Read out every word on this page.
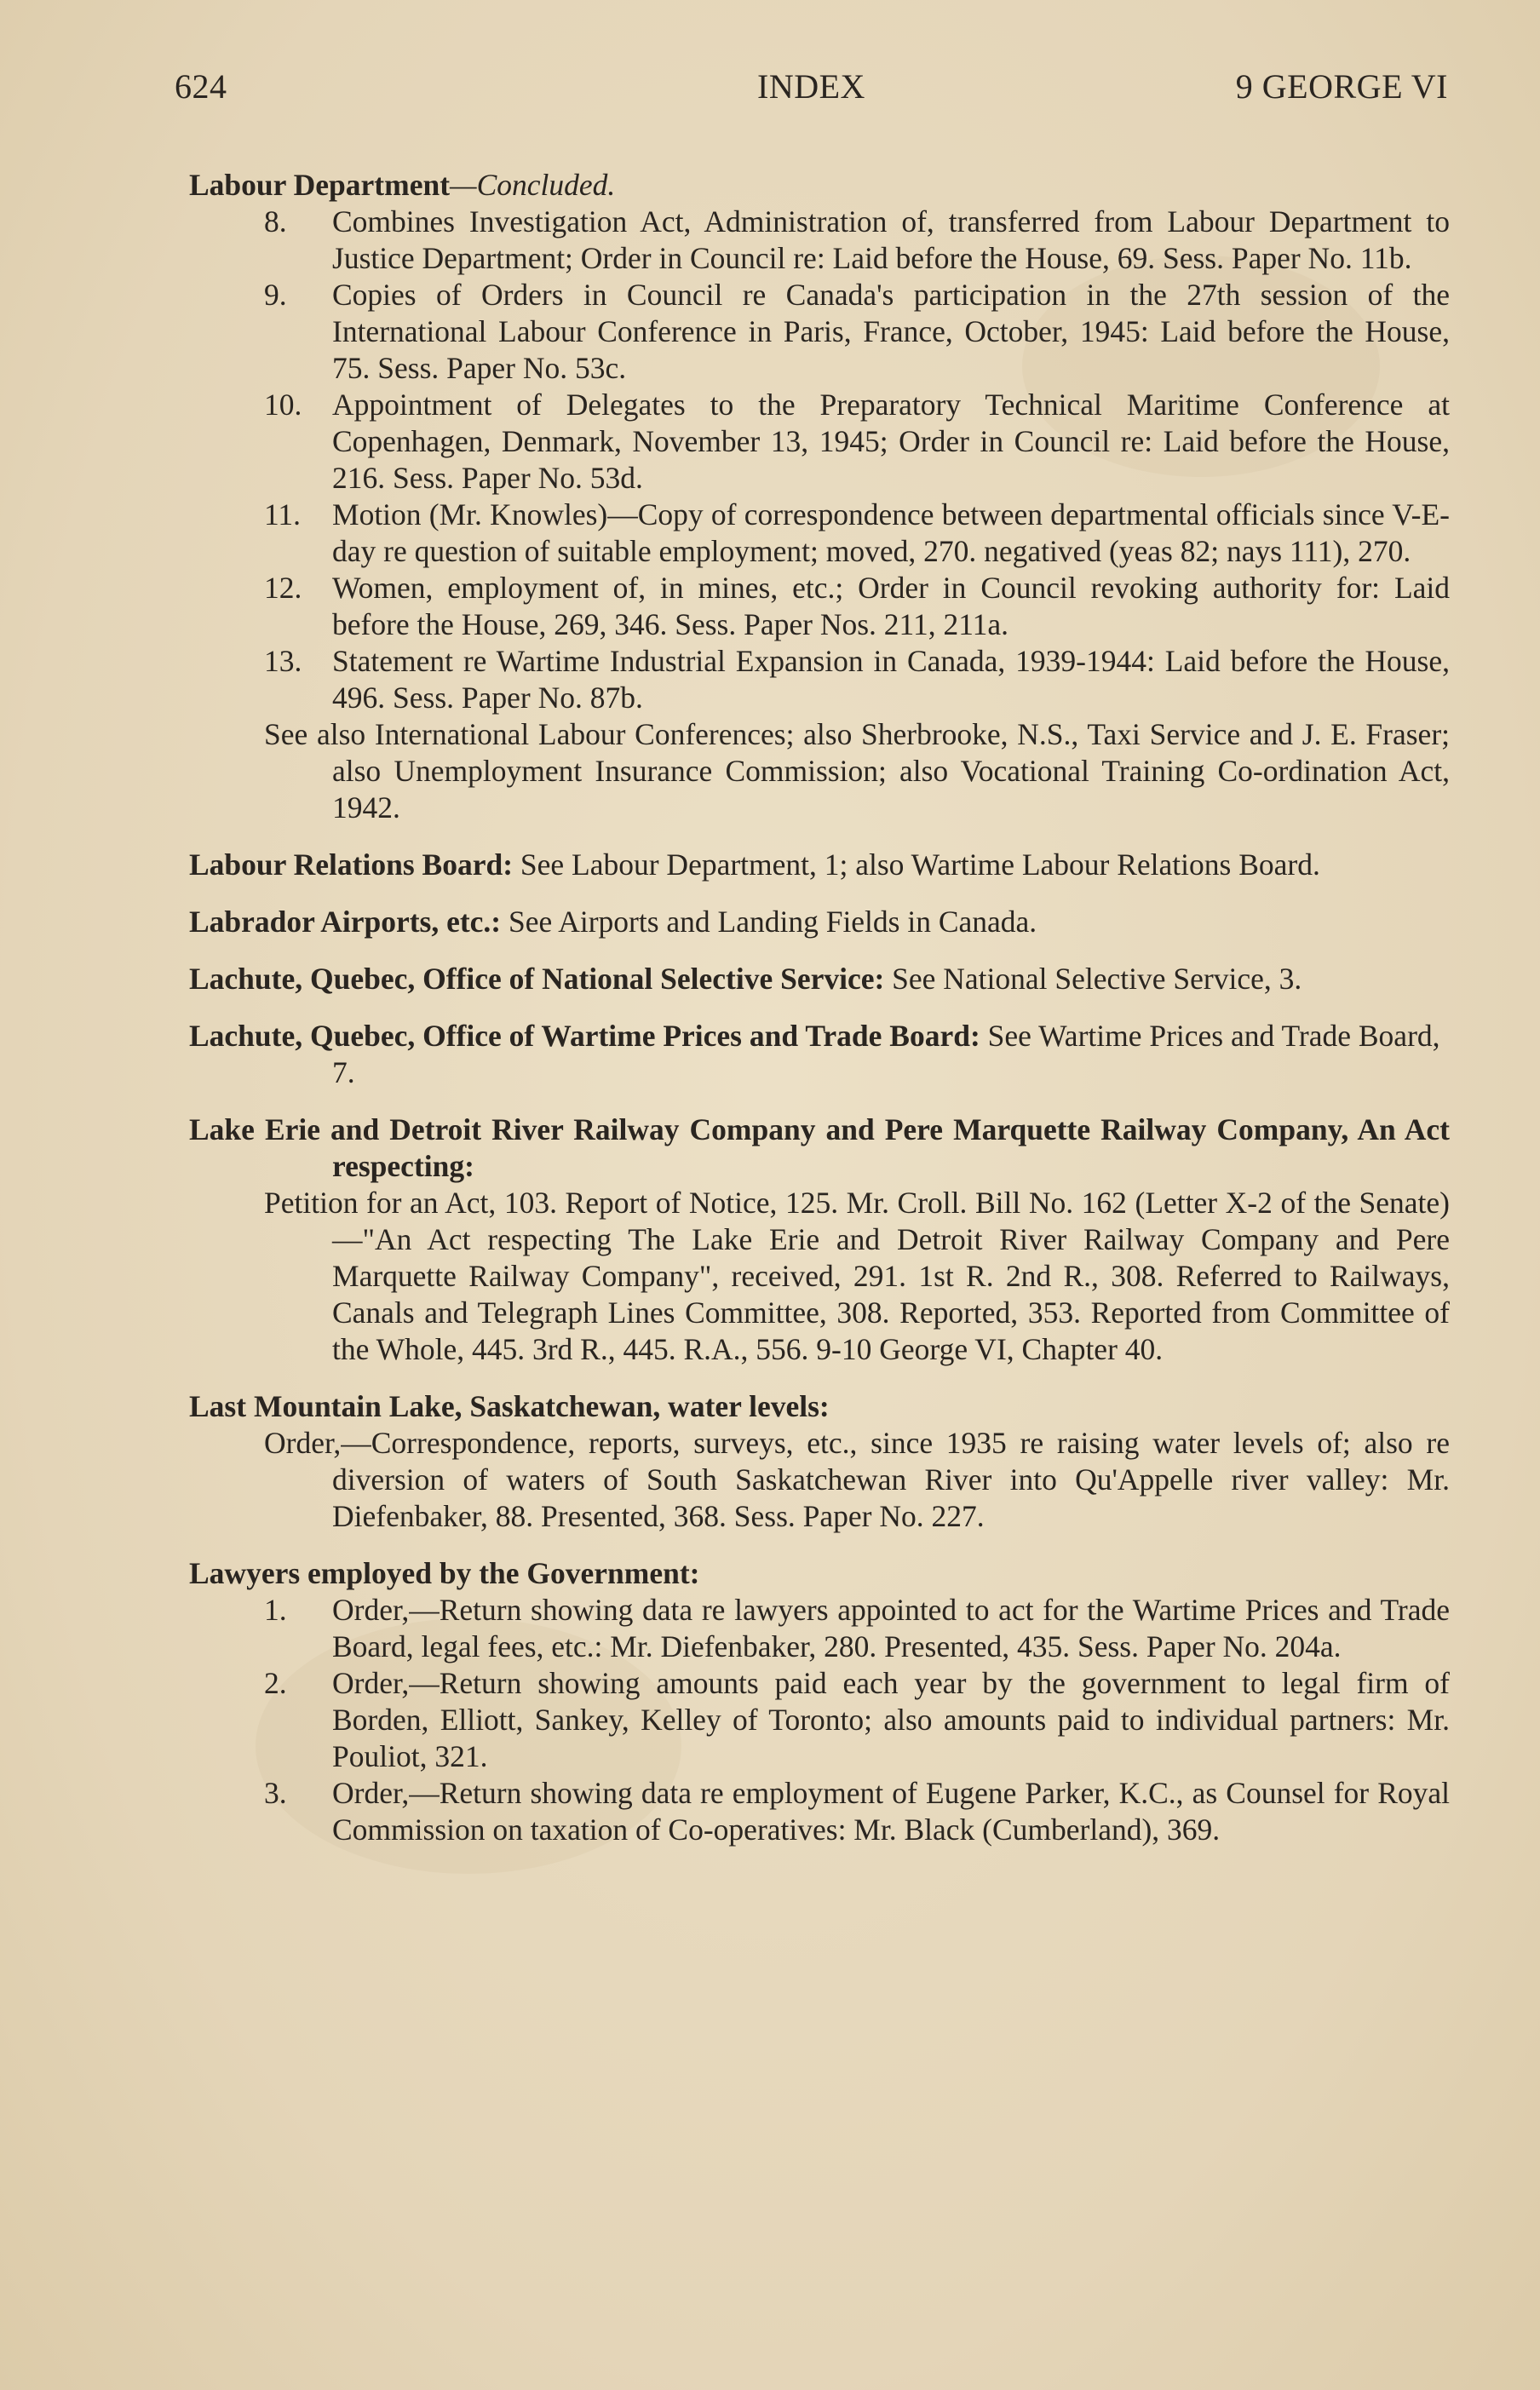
624	INDEX	9 GEORGE VI
Labour Department—Concluded.
8. Combines Investigation Act, Administration of, transferred from Labour Department to Justice Department; Order in Council re: Laid before the House, 69. Sess. Paper No. 11b.
9. Copies of Orders in Council re Canada's participation in the 27th session of the International Labour Conference in Paris, France, October, 1945: Laid before the House, 75. Sess. Paper No. 53c.
10. Appointment of Delegates to the Preparatory Technical Maritime Conference at Copenhagen, Denmark, November 13, 1945; Order in Council re: Laid before the House, 216. Sess. Paper No. 53d.
11. Motion (Mr. Knowles)—Copy of correspondence between departmental officials since V-E-day re question of suitable employment; moved, 270. negatived (yeas 82; nays 111), 270.
12. Women, employment of, in mines, etc.; Order in Council revoking authority for: Laid before the House, 269, 346. Sess. Paper Nos. 211, 211a.
13. Statement re Wartime Industrial Expansion in Canada, 1939-1944: Laid before the House, 496. Sess. Paper No. 87b.
See also International Labour Conferences; also Sherbrooke, N.S., Taxi Service and J. E. Fraser; also Unemployment Insurance Commission; also Vocational Training Co-ordination Act, 1942.
Labour Relations Board: See Labour Department, 1; also Wartime Labour Relations Board.
Labrador Airports, etc.: See Airports and Landing Fields in Canada.
Lachute, Quebec, Office of National Selective Service: See National Selective Service, 3.
Lachute, Quebec, Office of Wartime Prices and Trade Board: See Wartime Prices and Trade Board, 7.
Lake Erie and Detroit River Railway Company and Pere Marquette Railway Company, An Act respecting:
Petition for an Act, 103. Report of Notice, 125. Mr. Croll. Bill No. 162 (Letter X-2 of the Senate)—"An Act respecting The Lake Erie and Detroit River Railway Company and Pere Marquette Railway Company", received, 291. 1st R. 2nd R., 308. Referred to Railways, Canals and Telegraph Lines Committee, 308. Reported, 353. Reported from Committee of the Whole, 445. 3rd R., 445. R.A., 556. 9-10 George VI, Chapter 40.
Last Mountain Lake, Saskatchewan, water levels:
Order,—Correspondence, reports, surveys, etc., since 1935 re raising water levels of; also re diversion of waters of South Saskatchewan River into Qu'Appelle river valley: Mr. Diefenbaker, 88. Presented, 368. Sess. Paper No. 227.
Lawyers employed by the Government:
1. Order,—Return showing data re lawyers appointed to act for the Wartime Prices and Trade Board, legal fees, etc.: Mr. Diefenbaker, 280. Presented, 435. Sess. Paper No. 204a.
2. Order,—Return showing amounts paid each year by the government to legal firm of Borden, Elliott, Sankey, Kelley of Toronto; also amounts paid to individual partners: Mr. Pouliot, 321.
3. Order,—Return showing data re employment of Eugene Parker, K.C., as Counsel for Royal Commission on taxation of Co-operatives: Mr. Black (Cumberland), 369.
